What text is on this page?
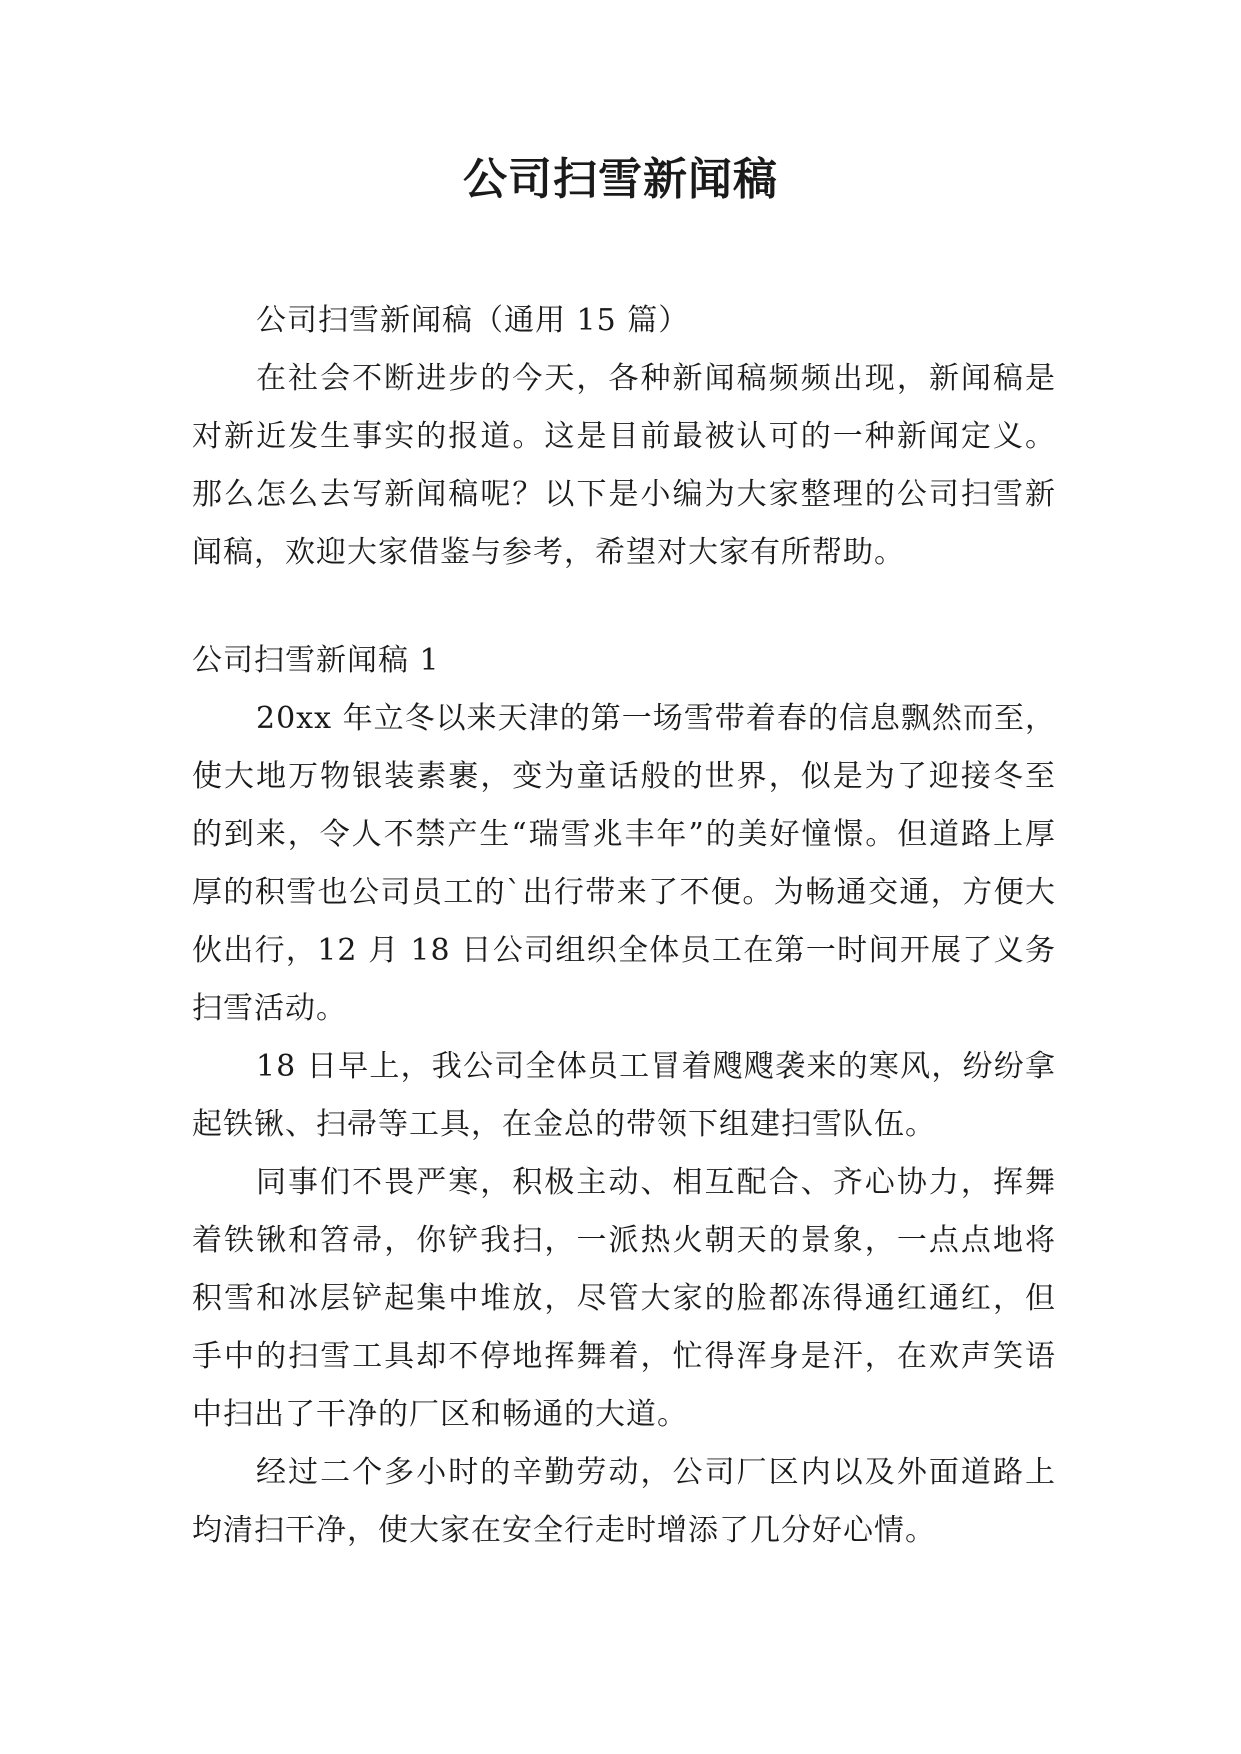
公司扫雪新闻稿

公司扫雪新闻稿（通用 15 篇）

在社会不断进步的今天，各种新闻稿频频出现，新闻稿是对新近发生事实的报道。这是目前最被认可的一种新闻定义。那么怎么去写新闻稿呢？以下是小编为大家整理的公司扫雪新闻稿，欢迎大家借鉴与参考，希望对大家有所帮助。

公司扫雪新闻稿 1

20xx 年立冬以来天津的第一场雪带着春的信息飘然而至，使大地万物银装素裹，变为童话般的世界，似是为了迎接冬至的到来，令人不禁产生“瑞雪兆丰年”的美好憧憬。但道路上厚厚的积雪也公司员工的`出行带来了不便。为畅通交通，方便大伙出行，12 月 18 日公司组织全体员工在第一时间开展了义务扫雪活动。

18 日早上，我公司全体员工冒着飕飕袭来的寒风，纷纷拿起铁锹、扫帚等工具，在金总的带领下组建扫雪队伍。

同事们不畏严寒，积极主动、相互配合、齐心协力，挥舞着铁锹和笤帚，你铲我扫，一派热火朝天的景象，一点点地将积雪和冰层铲起集中堆放，尽管大家的脸都冻得通红通红，但手中的扫雪工具却不停地挥舞着，忙得浑身是汗，在欢声笑语中扫出了干净的厂区和畅通的大道。

经过二个多小时的辛勤劳动，公司厂区内以及外面道路上均清扫干净，使大家在安全行走时增添了几分好心情。
